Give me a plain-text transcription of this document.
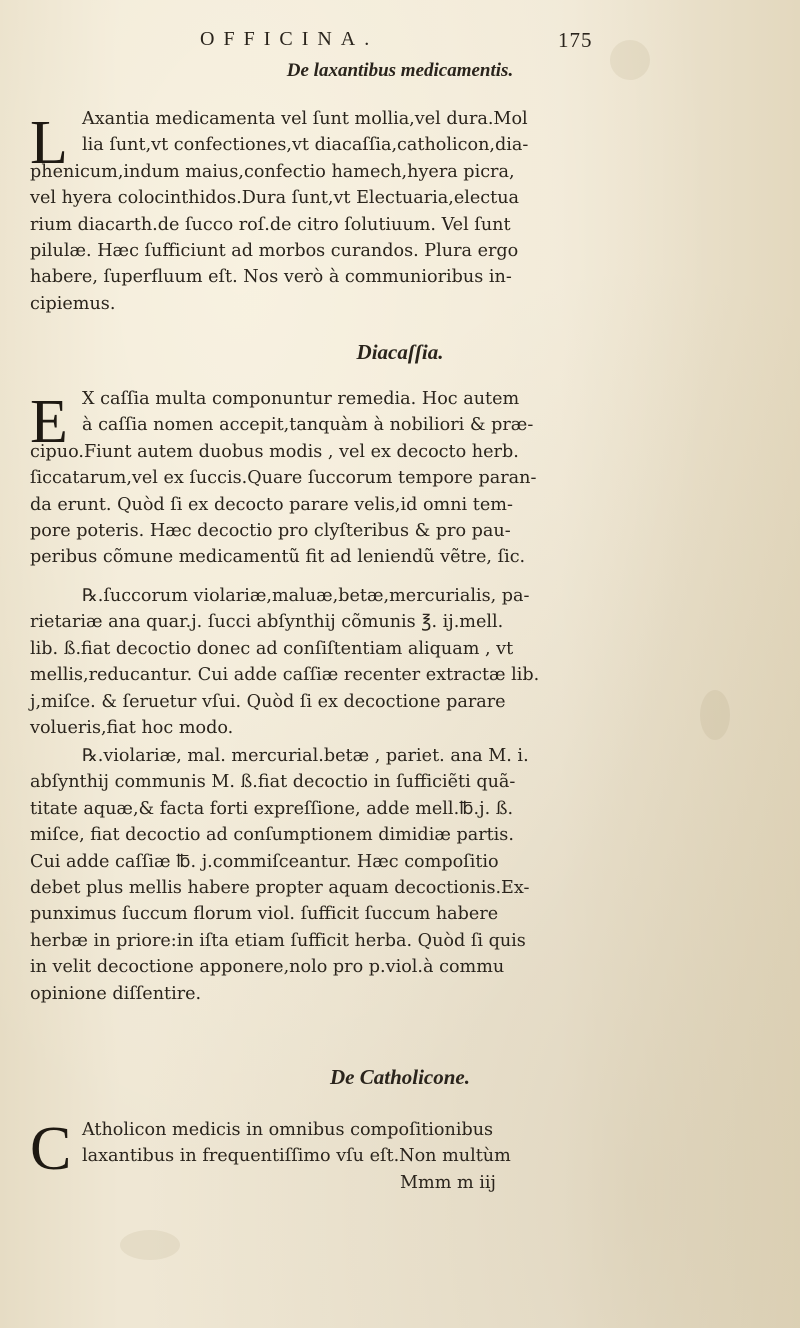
OFFICINA.	175
De laxantibus medicamentis.
L Axantia medicamenta vel ſunt mollia,vel dura.Mol
lia ſunt,vt confectiones,vt diacaſſia,catholicon,dia-
phenicum,indum maius,confectio hamech,hyera picra,
vel hyera colocinthidos.Dura ſunt,vt Electuaria,electua
rium diacarth.de ſucco roſ.de citro ſolutiuum. Vel ſunt
pilulæ. Hæc ſufficiunt ad morbos curandos. Plura ergo
habere, ſuperfluum eſt. Nos verò à communioribus in-
cipiemus.
Diacaſſia.
E X caſſia multa componuntur remedia. Hoc autem
à caſſia nomen accepit,tanquàm à nobiliori & præ-
cipuo.Fiunt autem duobus modis , vel ex decocto herb.
ſiccatarum,vel ex ſuccis.Quare ſuccorum tempore paran-
da erunt. Quòd ſi ex decocto parare velis,id omni tem-
pore poteris. Hæc decoctio pro clyſteribus & pro pau-
peribus cõmune medicamentũ fit ad leniendũ vẽtre, ſic.
℞.ſuccorum violariæ,maluæ,betæ,mercurialis, pa-
rietariæ ana quar.j. ſucci abſynthij cõmunis ℥. ij.mell.
lib. ß.fiat decoctio donec ad conſiſtentiam aliquam , vt
mellis,reducantur. Cui adde caſſiæ recenter extractæ lib.
j,miſce. & ſeruetur vſui. Quòd ſi ex decoctione parare
volueris,fiat hoc modo.
℞.violariæ, mal. mercurial.betæ , pariet. ana M. i.
abſynthij communis M. ß.fiat decoctio in ſufficiẽti quã-
titate aquæ,& facta forti expreſſione, adde mell.℔.j. ß.
miſce, fiat decoctio ad conſumptionem dimidiæ partis.
Cui adde caſſiæ ℔. j.commiſceantur. Hæc compoſitio
debet plus mellis habere propter aquam decoctionis.Ex-
punximus ſuccum florum viol. ſufficit ſuccum habere
herbæ in priore:in iſta etiam ſufficit herba. Quòd ſi quis
in velit decoctione apponere,nolo pro p.viol.à commu
opinione diſſentire.
De Catholicone.
C Atholicon medicis in omnibus compoſitionibus
laxantibus in frequentiſſimo vſu eſt.Non multùm
Mmm m iij
